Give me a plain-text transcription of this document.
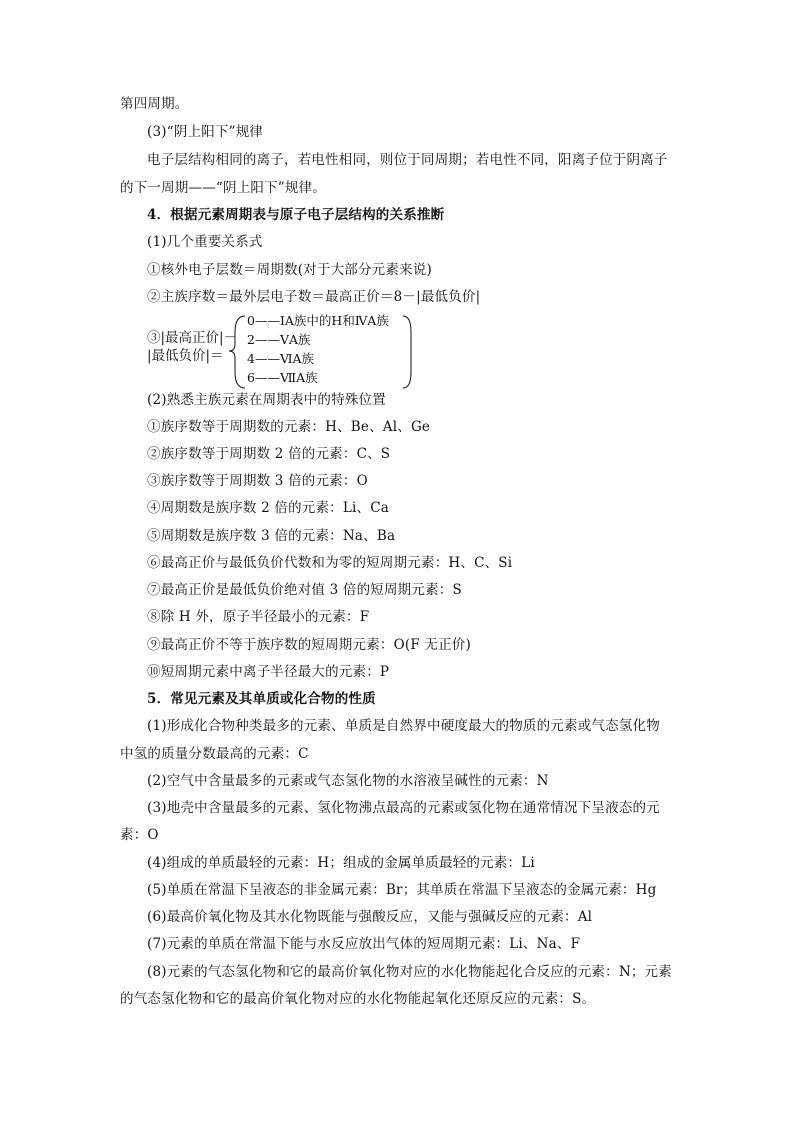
第四周期。
(3)“阴上阳下”规律
电子层结构相同的离子，若电性相同，则位于同周期；若电性不同，阳离子位于阴离子
的下一周期——“阴上阳下”规律。
4．根据元素周期表与原子电子层结构的关系推断
(1)几个重要关系式
①核外电子层数＝周期数(对于大部分元素来说)
②主族序数＝最外层电子数＝最高正价＝8－|最低负价|
③|最高正价|－
|最低负价|＝
0——ⅠA族中的H和ⅣA族
2——ⅤA族
4——ⅥA族
6——ⅦA族
(2)熟悉主族元素在周期表中的特殊位置
①族序数等于周期数的元素：H、Be、Al、Ge
②族序数等于周期数 2 倍的元素：C、S
③族序数等于周期数 3 倍的元素：O
④周期数是族序数 2 倍的元素：Li、Ca
⑤周期数是族序数 3 倍的元素：Na、Ba
⑥最高正价与最低负价代数和为零的短周期元素：H、C、Si
⑦最高正价是最低负价绝对值 3 倍的短周期元素：S
⑧除 H 外，原子半径最小的元素：F
⑨最高正价不等于族序数的短周期元素：O(F 无正价)
⑩短周期元素中离子半径最大的元素：P
5．常见元素及其单质或化合物的性质
(1)形成化合物种类最多的元素、单质是自然界中硬度最大的物质的元素或气态氢化物
中氢的质量分数最高的元素：C
(2)空气中含量最多的元素或气态氢化物的水溶液呈碱性的元素：N
(3)地壳中含量最多的元素、氢化物沸点最高的元素或氢化物在通常情况下呈液态的元
素：O
(4)组成的单质最轻的元素：H；组成的金属单质最轻的元素：Li
(5)单质在常温下呈液态的非金属元素：Br；其单质在常温下呈液态的金属元素：Hg
(6)最高价氧化物及其水化物既能与强酸反应，又能与强碱反应的元素：Al
(7)元素的单质在常温下能与水反应放出气体的短周期元素：Li、Na、F
(8)元素的气态氢化物和它的最高价氧化物对应的水化物能起化合反应的元素：N；元素
的气态氢化物和它的最高价氧化物对应的水化物能起氧化还原反应的元素：S。
